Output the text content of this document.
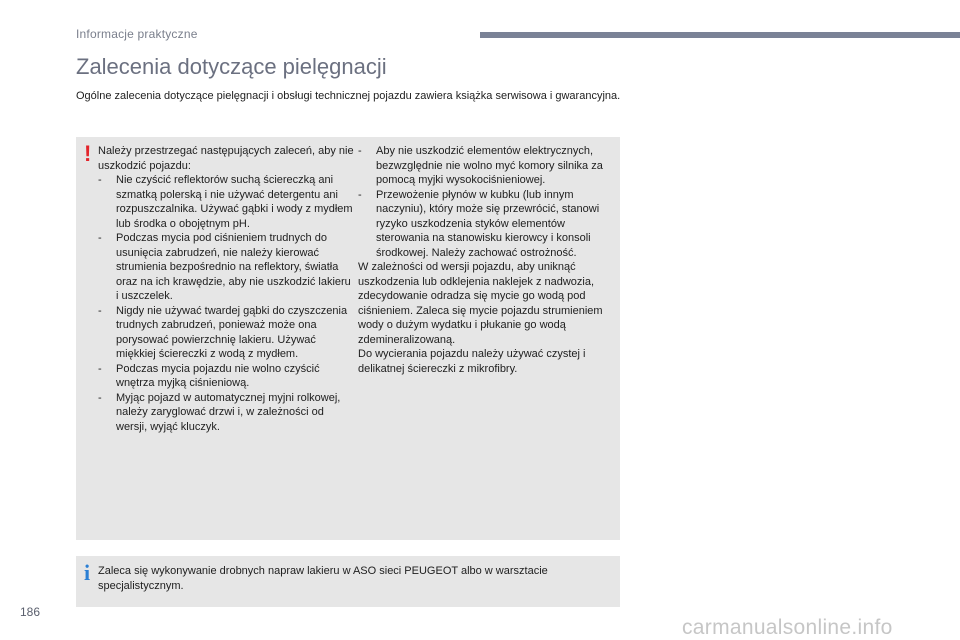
Informacje praktyczne
Zalecenia dotyczące pielęgnacji

Ogólne zalecenia dotyczące pielęgnacji i obsługi technicznej pojazdu zawiera książka serwisowa i gwarancyjna.

! Należy przestrzegać następujących zaleceń, aby nie uszkodzić pojazdu:

- Nie czyścić reflektorów suchą ściereczką ani szmatką polerską i nie używać detergentu ani rozpuszczalnika. Używać gąbki i wody z mydłem lub środka o obojętnym pH.
- Podczas mycia pod ciśnieniem trudnych do usunięcia zabrudzeń, nie należy kierować strumienia bezpośrednio na reflektory, światła oraz na ich krawędzie, aby nie uszkodzić lakieru i uszczelek.
- Nigdy nie używać twardej gąbki do czyszczenia trudnych zabrudzeń, ponieważ może ona porysować powierzchnię lakieru. Używać miękkiej ściereczki z wodą z mydłem.
- Podczas mycia pojazdu nie wolno czyścić wnętrza myjką ciśnieniową.
- Myjąc pojazd w automatycznej myjni rolkowej, należy zaryglować drzwi i, w zależności od wersji, wyjąć kluczyk.
- Aby nie uszkodzić elementów elektrycznych, bezwzględnie nie wolno myć komory silnika za pomocą myjki wysokociśnieniowej.
- Przewożenie płynów w kubku (lub innym naczyniu), który może się przewrócić, stanowi ryzyko uszkodzenia styków elementów sterowania na stanowisku kierowcy i konsoli środkowej. Należy zachować ostrożność.

W zależności od wersji pojazdu, aby uniknąć uszkodzenia lub odklejenia naklejek z nadwozia, zdecydowanie odradza się mycie go wodą pod ciśnieniem. Zaleca się mycie pojazdu strumieniem wody o dużym wydatku i płukanie go wodą zdemineralizowaną.

Do wycierania pojazdu należy używać czystej i delikatnej ściereczki z mikrofibry.

i Zaleca się wykonywanie drobnych napraw lakieru w ASO sieci PEUGEOT albo w warsztacie specjalistycznym.

186
carmanualsonline.info
